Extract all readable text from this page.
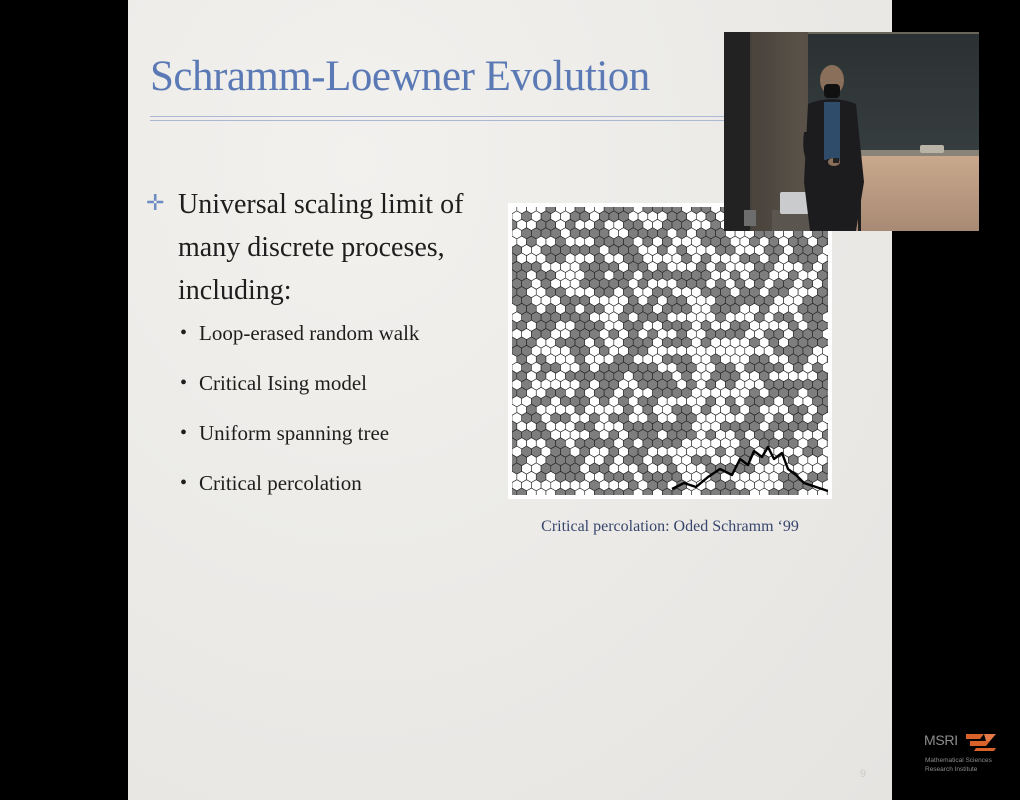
Schramm-Loewner Evolution
✛ Universal scaling limit of many discrete proceses, including:

• Loop-erased random walk
• Critical Ising model
• Uniform spanning tree
• Critical percolation
Critical percolation: Oded Schramm ‘99
9
MSRI
Mathematical Sciences
Research Institute
